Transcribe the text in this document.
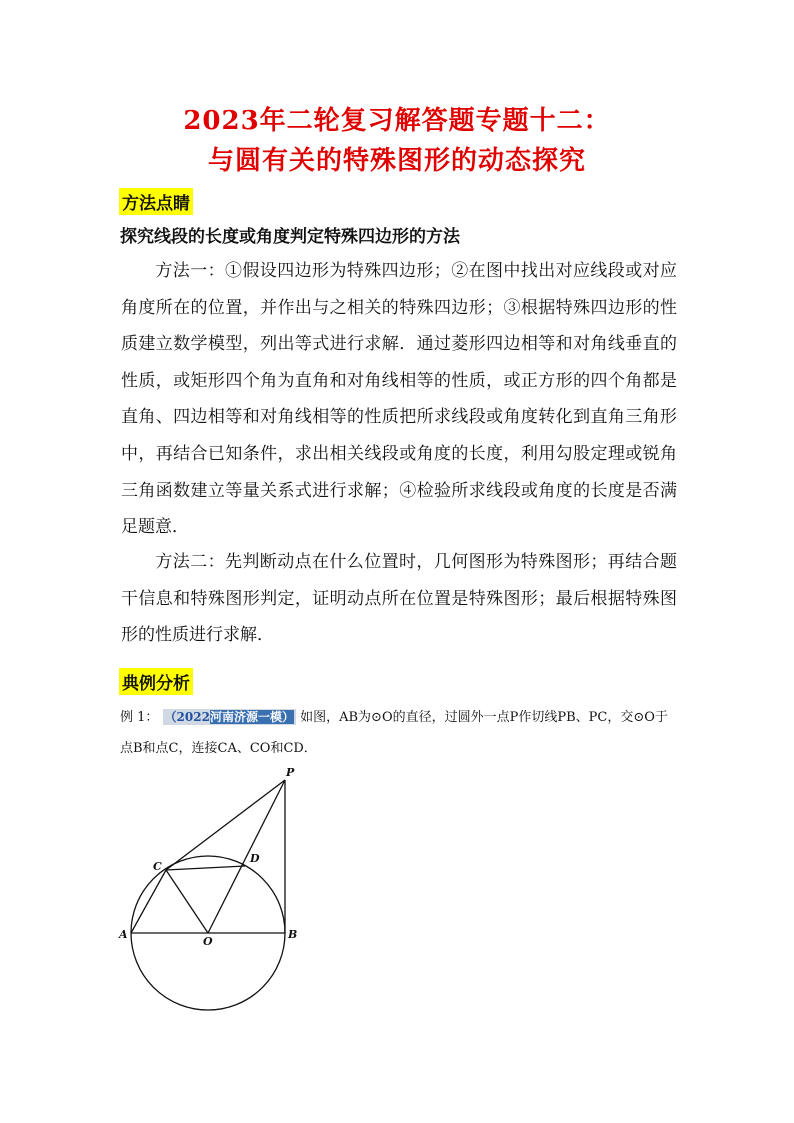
2023年二轮复习解答题专题十二：
与圆有关的特殊图形的动态探究
方法点睛
探究线段的长度或角度判定特殊四边形的方法
方法一：①假设四边形为特殊四边形；②在图中找出对应线段或对应角度所在的位置，并作出与之相关的特殊四边形；③根据特殊四边形的性质建立数学模型，列出等式进行求解．通过菱形四边相等和对角线垂直的性质，或矩形四个角为直角和对角线相等的性质，或正方形的四个角都是直角、四边相等和对角线相等的性质把所求线段或角度转化到直角三角形中，再结合已知条件，求出相关线段或角度的长度，利用勾股定理或锐角三角函数建立等量关系式进行求解；④检验所求线段或角度的长度是否满足题意．
方法二：先判断动点在什么位置时，几何图形为特殊图形；再结合题干信息和特殊图形判定，证明动点所在位置是特殊图形；最后根据特殊图形的性质进行求解．
典例分析
例 1： （2022河南济源一模） 如图，AB为⊙O的直径，过圆外一点P作切线PB、PC，交⊙O于点B和点C，连接CA、CO和CD．
P
C
D
A
O
B
